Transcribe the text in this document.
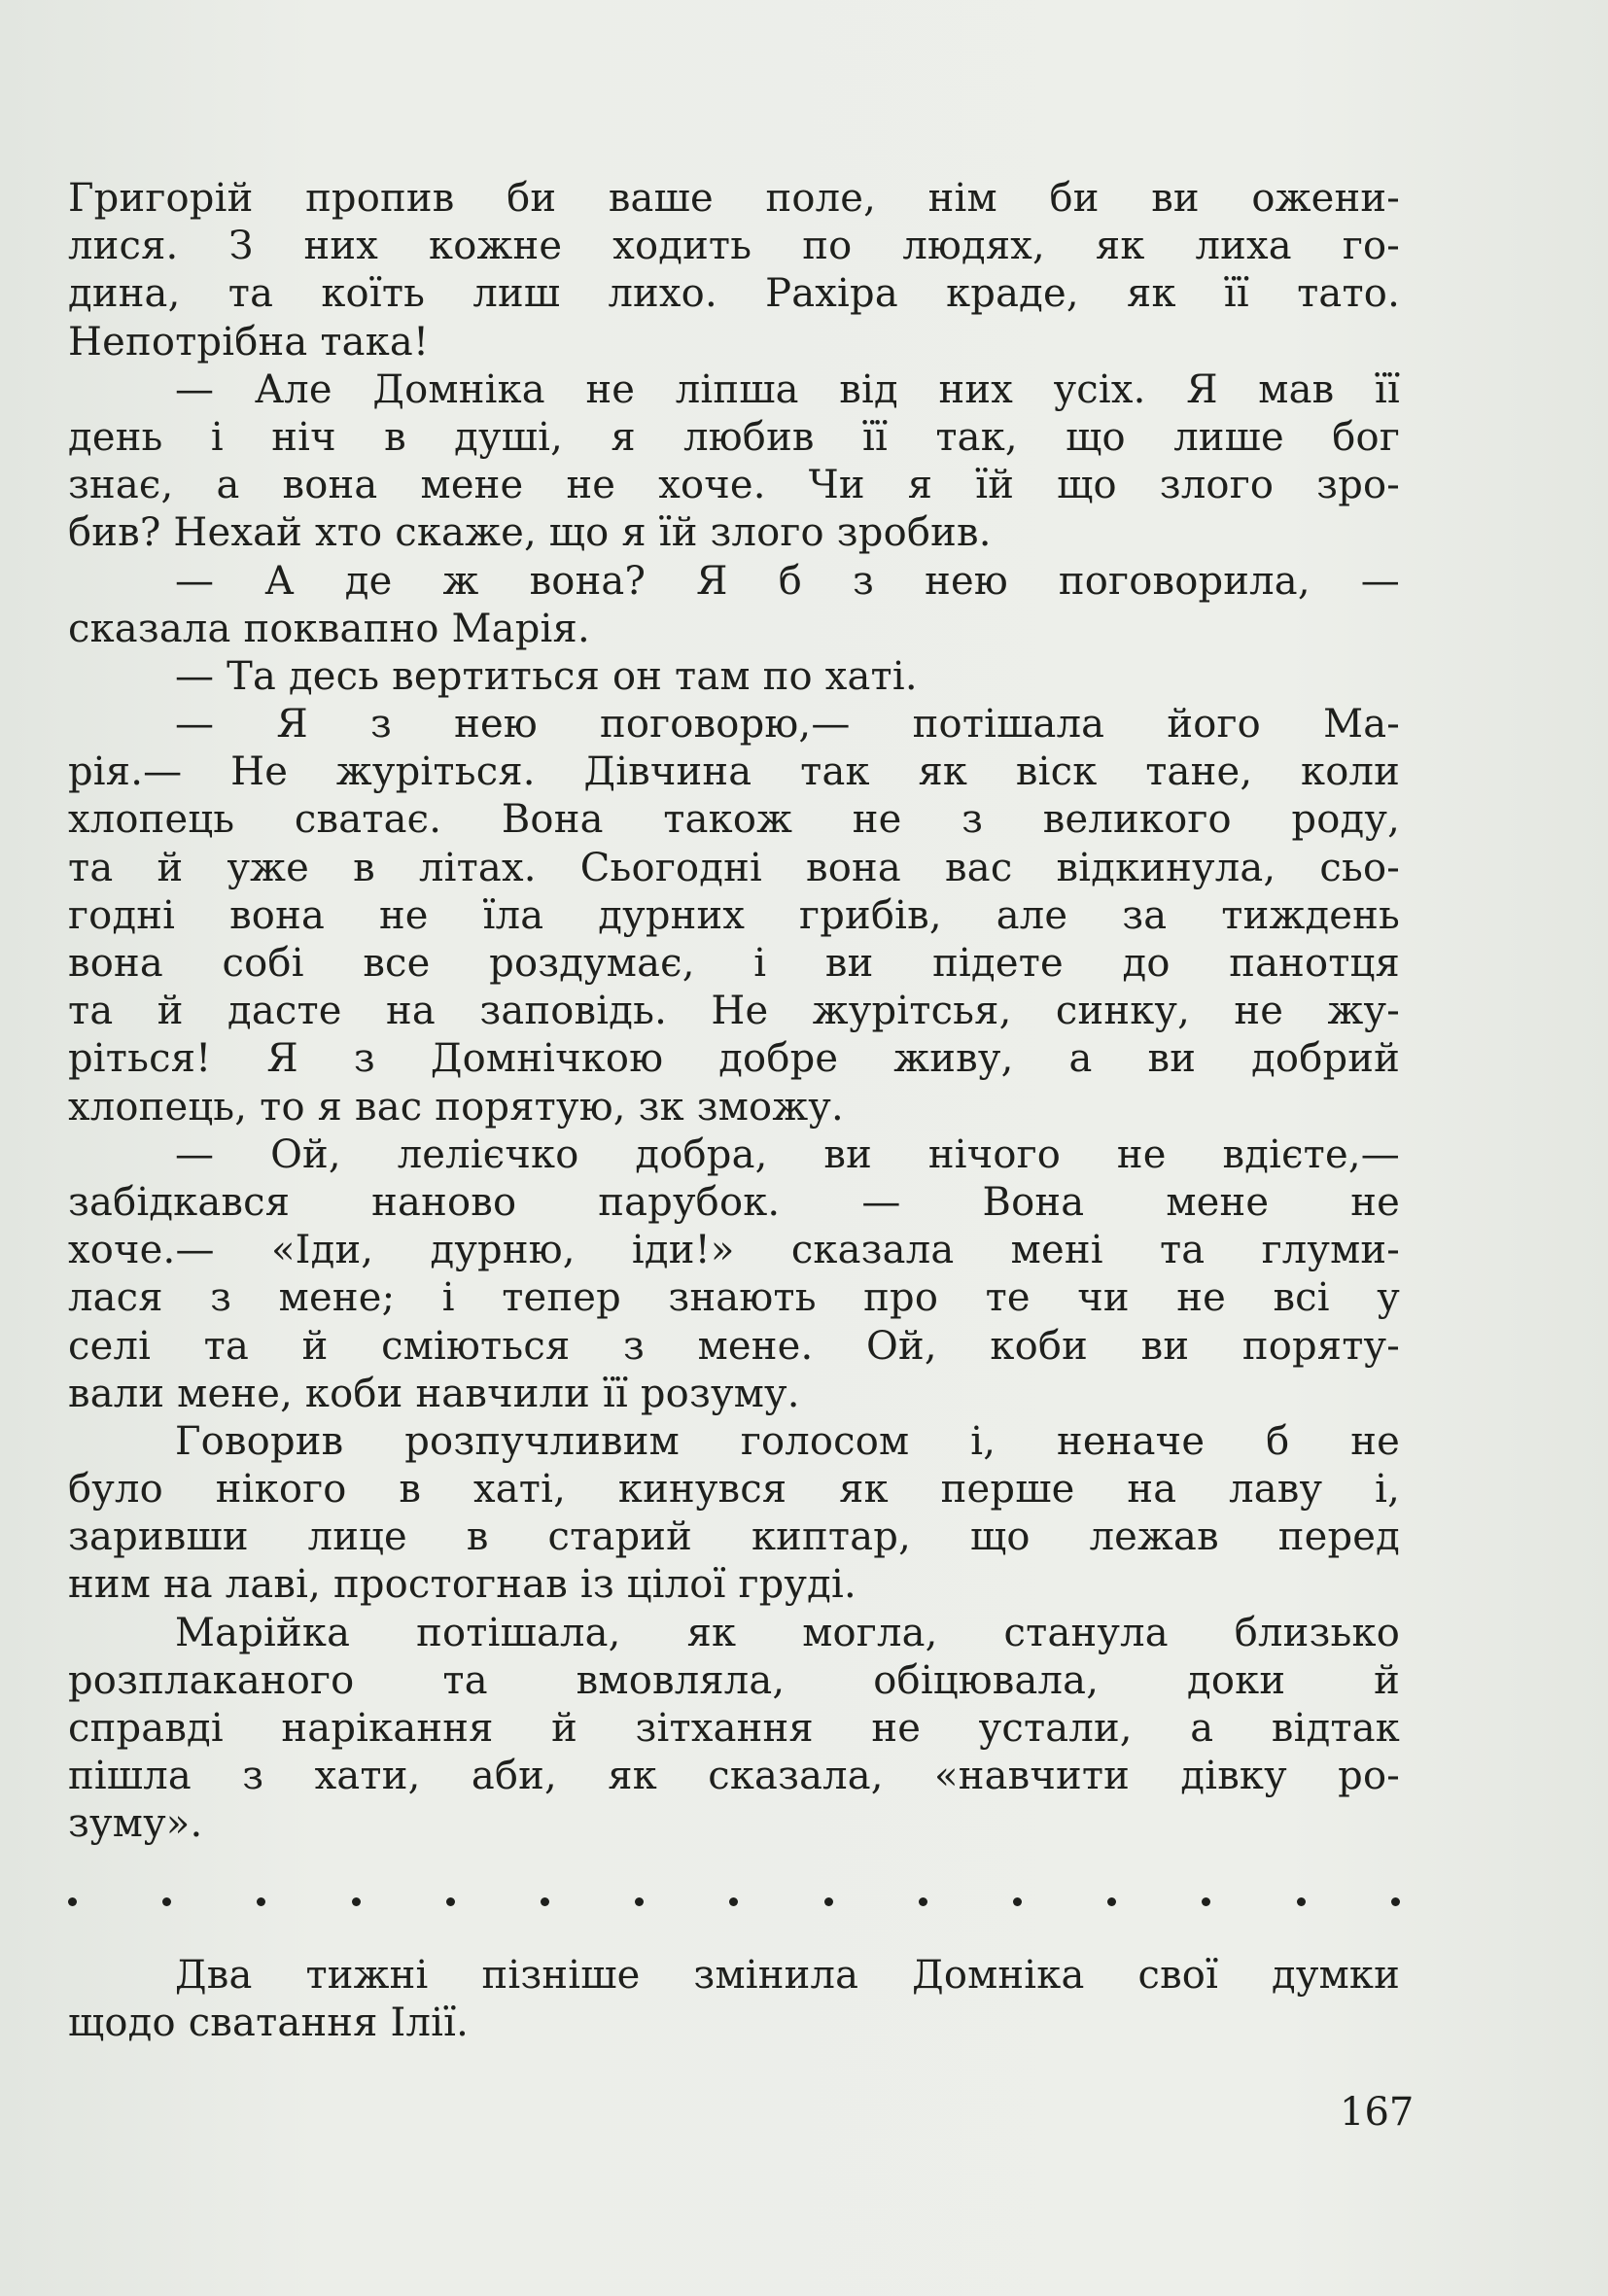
Григорій пропив би ваше поле, нім би ви ожени-
лися. З них кожне ходить по людях, як лиха го-
дина, та коїть лиш лихо. Рахіра краде, як її тато.
Непотрібна така!
— Але Домніка не ліпша від них усіх. Я мав її
день і ніч в душі, я любив її так, що лише бог
знає, а вона мене не хоче. Чи я їй що злого зро-
бив? Нехай хто скаже, що я їй злого зробив.
— А де ж вона? Я б з нею поговорила, —
сказала поквапно Марія.
— Та десь вертиться он там по хаті.
— Я з нею поговорю,— потішала його Ма-
рія.— Не журіться. Дівчина так як віск тане, коли
хлопець сватає. Вона також не з великого роду,
та й уже в літах. Сьогодні вона вас відкинула, сьо-
годні вона не їла дурних грибів, але за тиждень
вона собі все роздумає, і ви підете до панотця
та й дасте на заповідь. Не журітсья, синку, не жу-
ріться! Я з Домнічкою добре живу, а ви добрий
хлопець, то я вас порятую, зк зможу.
— Ой, лелієчко добра, ви нічого не вдієте,—
забідкався наново парубок. — Вона мене не
хоче.— «Іди, дурню, іди!» сказала мені та глуми-
лася з мене; і тепер знають про те чи не всі у
селі та й сміються з мене. Ой, коби ви поряту-
вали мене, коби навчили її розуму.
Говорив розпучливим голосом і, неначе б не
було нікого в хаті, кинувся як перше на лаву і,
заривши лице в старий киптар, що лежав перед
ним на лаві, простогнав із цілої груді.
Марійка потішала, як могла, станула близько
розплаканого та вмовляла, обіцювала, доки й
справді нарікання й зітхання не устали, а відтак
пішла з хати, аби, як сказала, «навчити дівку ро-
зуму».
Два тижні пізніше змінила Домніка свої думки
щодо сватання Ілії.
167
